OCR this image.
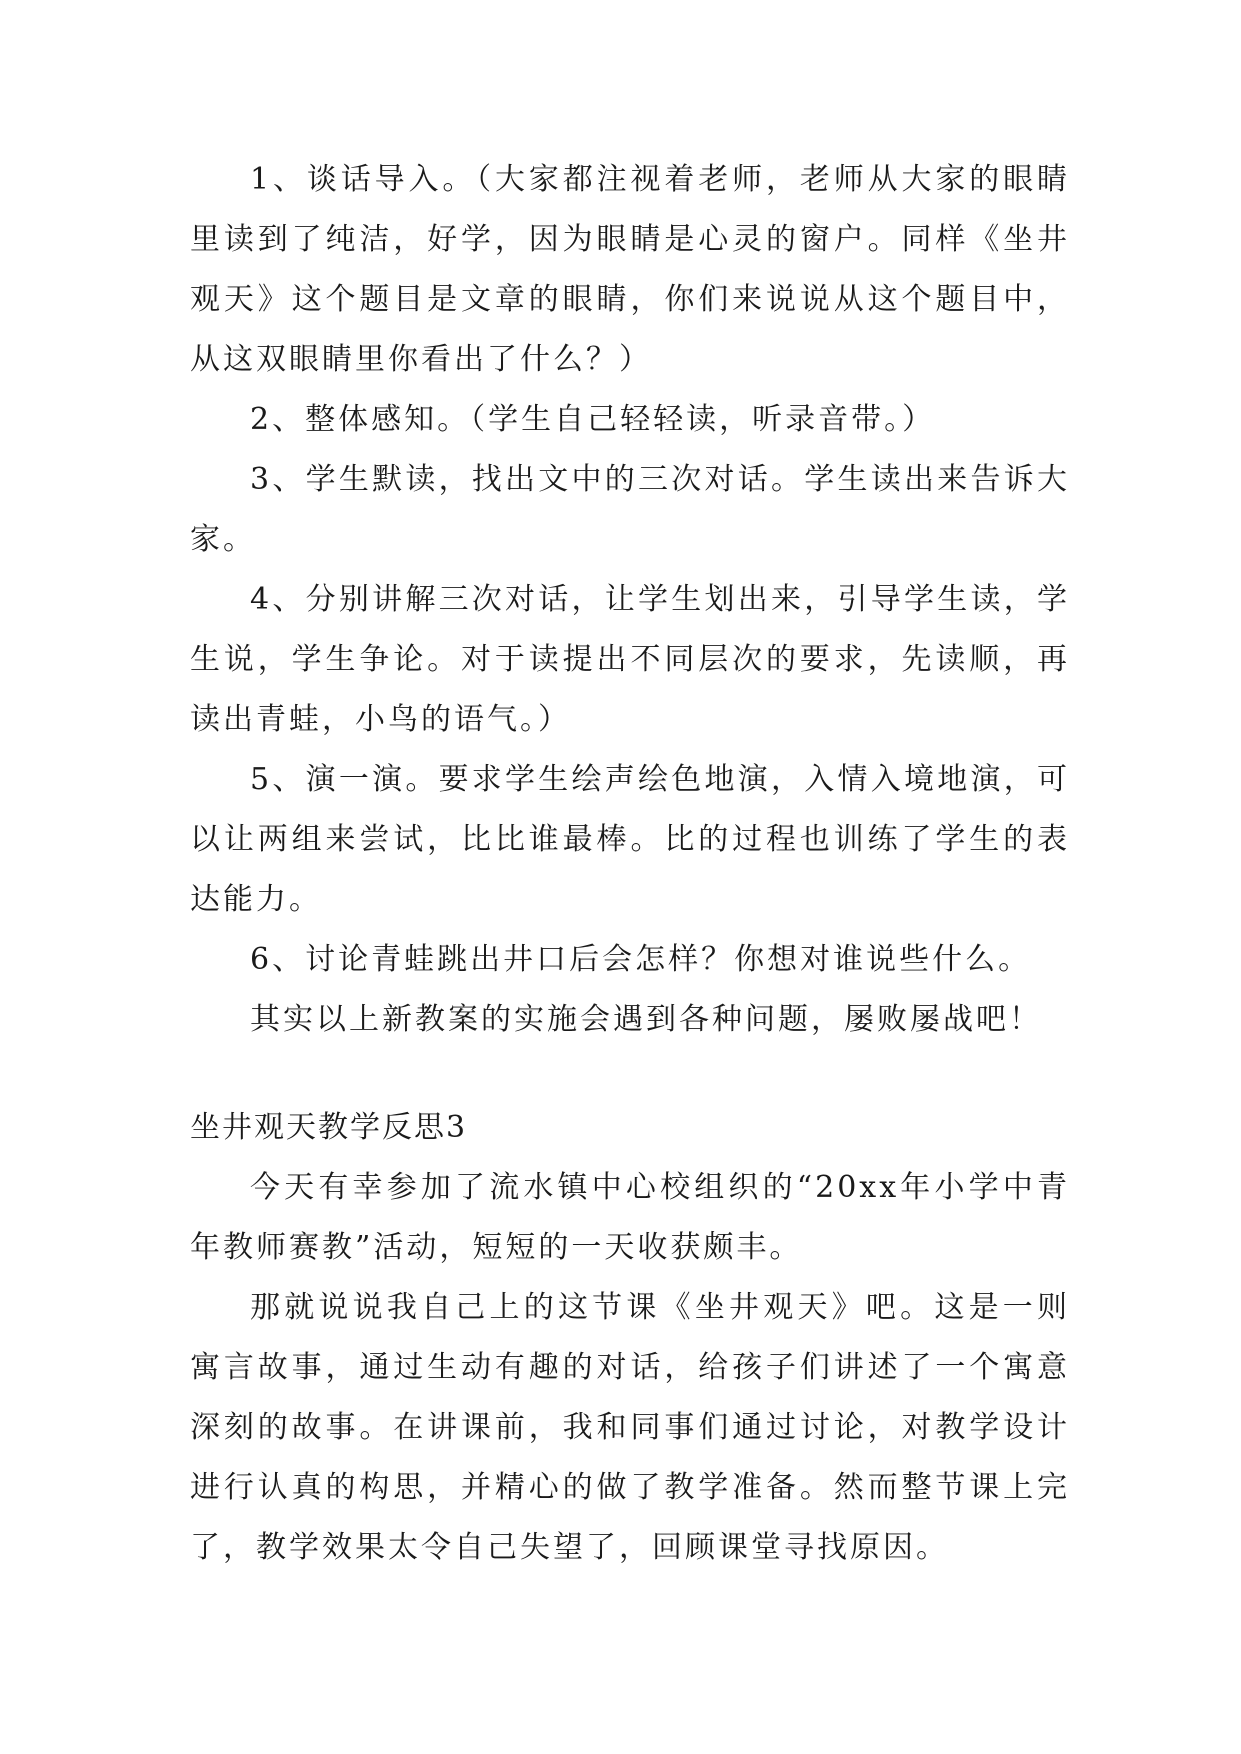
1、谈话导入。（大家都注视着老师，老师从大家的眼睛里读到了纯洁，好学，因为眼睛是心灵的窗户。同样《坐井观天》这个题目是文章的眼睛，你们来说说从这个题目中，从这双眼睛里你看出了什么？）

2、整体感知。（学生自己轻轻读，听录音带。）

3、学生默读，找出文中的三次对话。学生读出来告诉大家。

4、分别讲解三次对话，让学生划出来，引导学生读，学生说，学生争论。对于读提出不同层次的要求，先读顺，再读出青蛙，小鸟的语气。）

5、演一演。要求学生绘声绘色地演，入情入境地演，可以让两组来尝试，比比谁最棒。比的过程也训练了学生的表达能力。

6、讨论青蛙跳出井口后会怎样？你想对谁说些什么。

其实以上新教案的实施会遇到各种问题，屡败屡战吧！

坐井观天教学反思3

今天有幸参加了流水镇中心校组织的“20xx年小学中青年教师赛教”活动，短短的一天收获颇丰。

那就说说我自己上的这节课《坐井观天》吧。这是一则寓言故事，通过生动有趣的对话，给孩子们讲述了一个寓意深刻的故事。在讲课前，我和同事们通过讨论，对教学设计进行认真的构思，并精心的做了教学准备。然而整节课上完了，教学效果太令自己失望了，回顾课堂寻找原因。
